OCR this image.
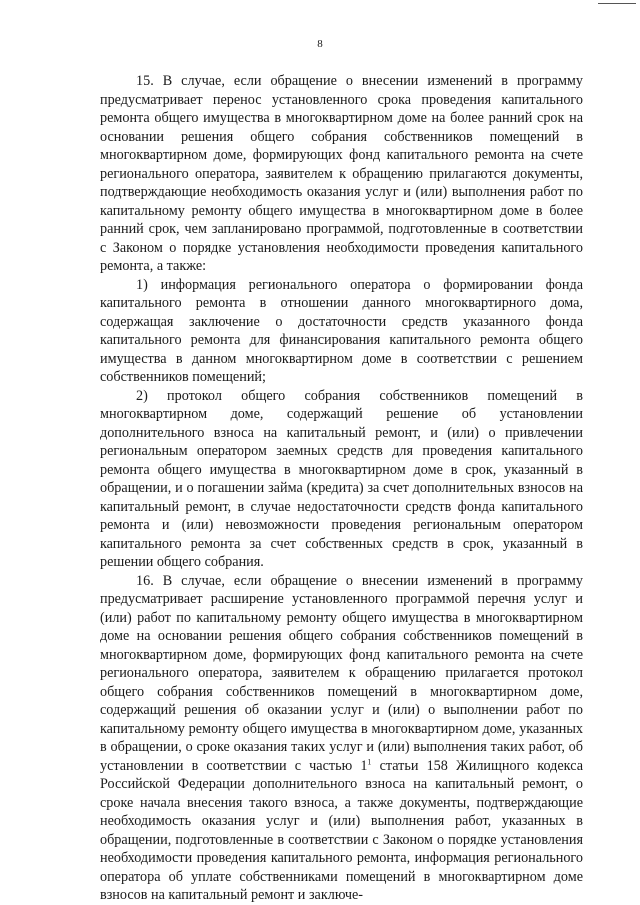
8

15. В случае, если обращение о внесении изменений в программу предусматривает перенос установленного срока проведения капитального ремонта общего имущества в многоквартирном доме на более ранний срок на основании решения общего собрания собственников помещений в многоквартирном доме, формирующих фонд капитального ремонта на счете регионального оператора, заявителем к обращению прилагаются документы, подтверждающие необходимость оказания услуг и (или) выполнения работ по капитальному ремонту общего имущества в многоквартирном доме в более ранний срок, чем запланировано программой, подготовленные в соответствии с Законом о порядке установления необходимости проведения капитального ремонта, а также:

1) информация регионального оператора о формировании фонда капитального ремонта в отношении данного многоквартирного дома, содержащая заключение о достаточности средств указанного фонда капитального ремонта для финансирования капитального ремонта общего имущества в данном многоквартирном доме в соответствии с решением собственников помещений;

2) протокол общего собрания собственников помещений в многоквартирном доме, содержащий решение об установлении дополнительного взноса на капитальный ремонт, и (или) о привлечении региональным оператором заемных средств для проведения капитального ремонта общего имущества в многоквартирном доме в срок, указанный в обращении, и о погашении займа (кредита) за счет дополнительных взносов на капитальный ремонт, в случае недостаточности средств фонда капитального ремонта и (или) невозможности проведения региональным оператором капитального ремонта за счет собственных средств в срок, указанный в решении общего собрания.

16. В случае, если обращение о внесении изменений в программу предусматривает расширение установленного программой перечня услуг и (или) работ по капитальному ремонту общего имущества в многоквартирном доме на основании решения общего собрания собственников помещений в многоквартирном доме, формирующих фонд капитального ремонта на счете регионального оператора, заявителем к обращению прилагается протокол общего собрания собственников помещений в многоквартирном доме, содержащий решения об оказании услуг и (или) о выполнении работ по капитальному ремонту общего имущества в многоквартирном доме, указанных в обращении, о сроке оказания таких услуг и (или) выполнения таких работ, об установлении в соответствии с частью $1^1$ статьи 158 Жилищного кодекса Российской Федерации дополнительного взноса на капитальный ремонт, о сроке начала внесения такого взноса, а также документы, подтверждающие необходимость оказания услуг и (или) выполнения работ, указанных в обращении, подготовленные в соответствии с Законом о порядке установления необходимости проведения капитального ремонта, информация регионального оператора об уплате собственниками помещений в многоквартирном доме взносов на капитальный ремонт и заключе-
